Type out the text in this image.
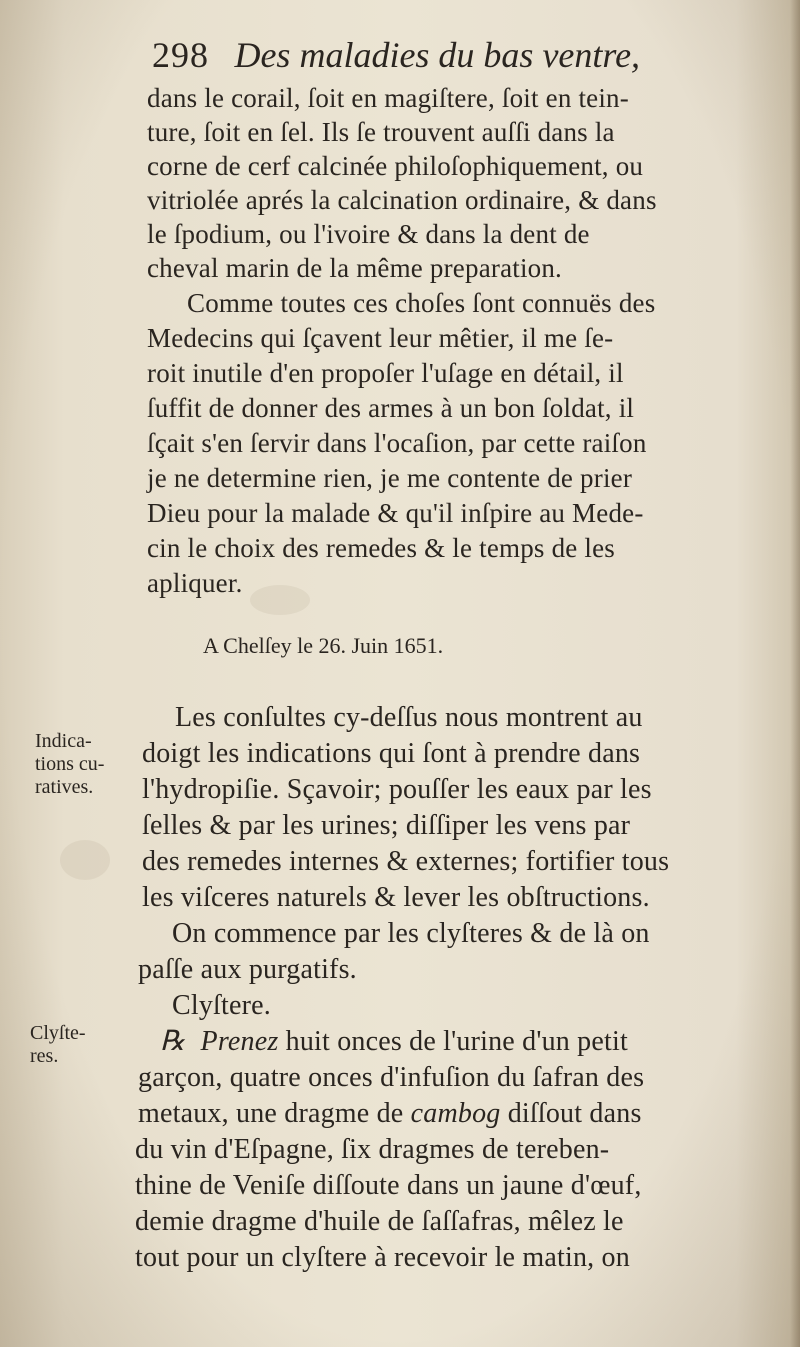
298 Des maladies du bas ventre,
dans le corail, ſoit en magiſtere, ſoit en tein-
ture, ſoit en ſel. Ils ſe trouvent auſſi dans la
corne de cerf calcinée philoſophiquement, ou
vitriolée aprés la calcination ordinaire, & dans
le ſpodium, ou l'ivoire & dans la dent de
cheval marin de la même preparation.
Comme toutes ces choſes ſont connuës des
Medecins qui ſçavent leur mêtier, il me ſe-
roit inutile d'en propoſer l'uſage en détail, il
ſuffit de donner des armes à un bon ſoldat, il
ſçait s'en ſervir dans l'ocaſion, par cette raiſon
je ne determine rien, je me contente de prier
Dieu pour la malade & qu'il inſpire au Mede-
cin le choix des remedes & le temps de les
apliquer.
A Chelſey le 26. Juin 1651.
Les conſultes cy-deſſus nous montrent au
doigt les indications qui ſont à prendre dans
l'hydropiſie. Sçavoir; pouſſer les eaux par les
ſelles & par les urines; diſſiper les vens par
des remedes internes & externes; fortifier tous
les viſceres naturels & lever les obſtructions.
On commence par les clyſteres & de là on
paſſe aux purgatifs.
Clyſtere.
℞ Prenez huit onces de l'urine d'un petit
garçon, quatre onces d'infuſion du ſafran des
metaux, une dragme de cambog diſſout dans
du vin d'Eſpagne, ſix dragmes de tereben-
thine de Veniſe diſſoute dans un jaune d'œuf,
demie dragme d'huile de ſaſſafras, mêlez le
tout pour un clyſtere à recevoir le matin, on
Indica-
tions cu-
ratives.
Clyſte-
res.
